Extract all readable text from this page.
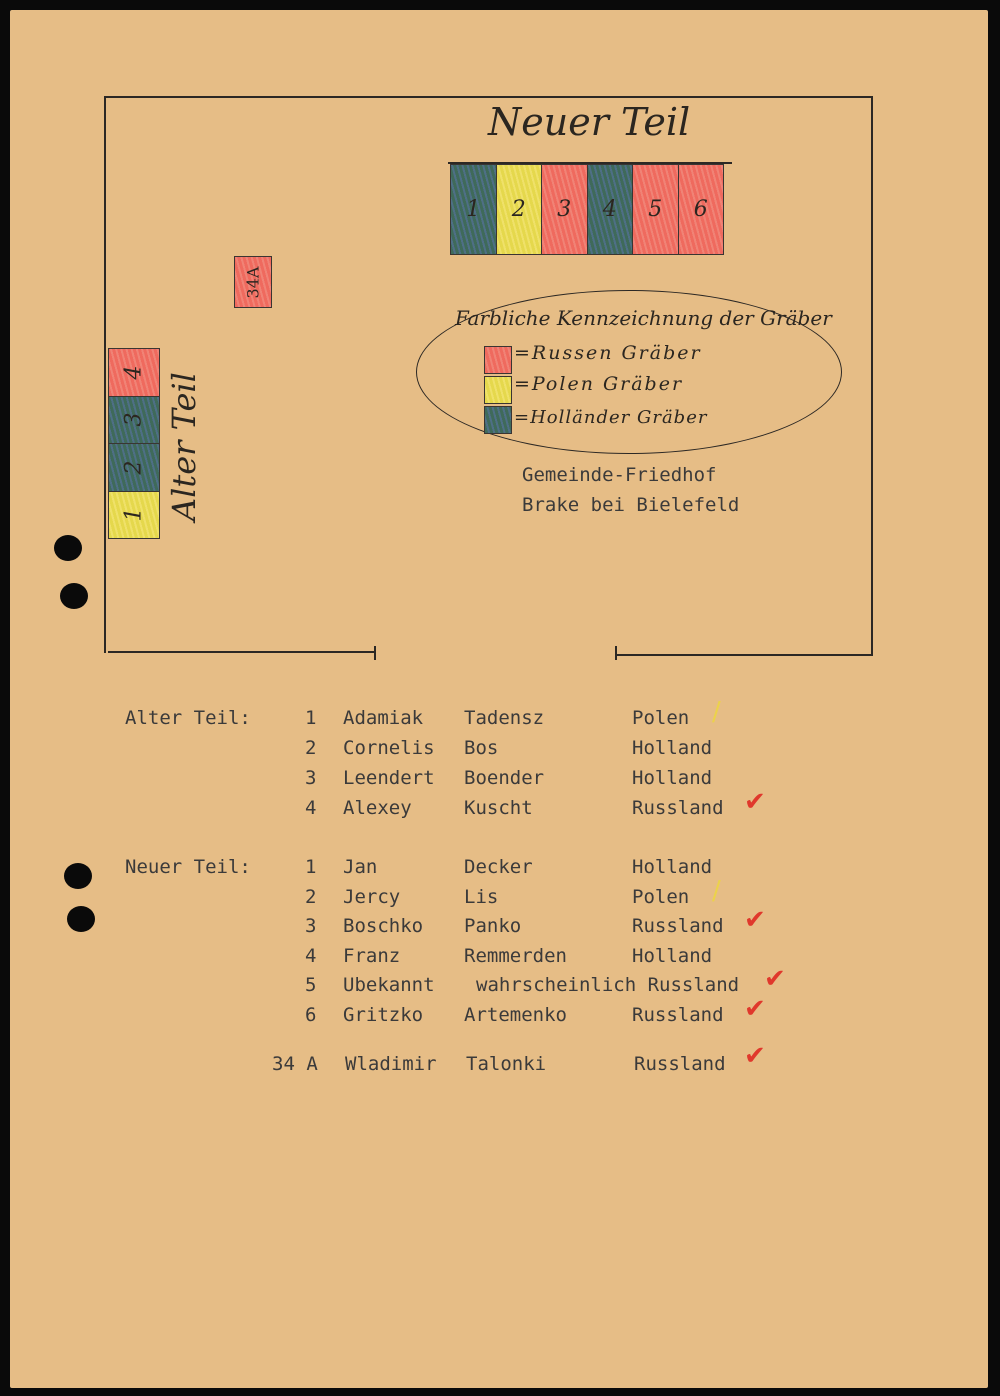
Neuer Teil
1 2 3 4 5 6
34A
4
3
2
1 Alter Teil
Farbliche Kennzeichnung der Gräber
=Russen Gräber
=Polen Gräber
=Holländer Gräber
Gemeinde-Friedhof
Brake bei Bielefeld
Alter Teil:	1 Adamiak Tadensz	Polen ∕
2 Cornelis Bos	Holland
3 Leendert Boender	Holland
4 Alexey	Kuscht	Russland ✔
Neuer Teil:	1 Jan	Decker	Holland
2 Jercy	Lis	Polen ∕
3 Boschko Panko	Russland ✔
4 Franz	Remmerden	Holland
5 Ubekannt wahrscheinlich Russland ✔
6 Gritzko Artemenko	Russland ✔
34 A Wladimir Talonki	Russland ✔
